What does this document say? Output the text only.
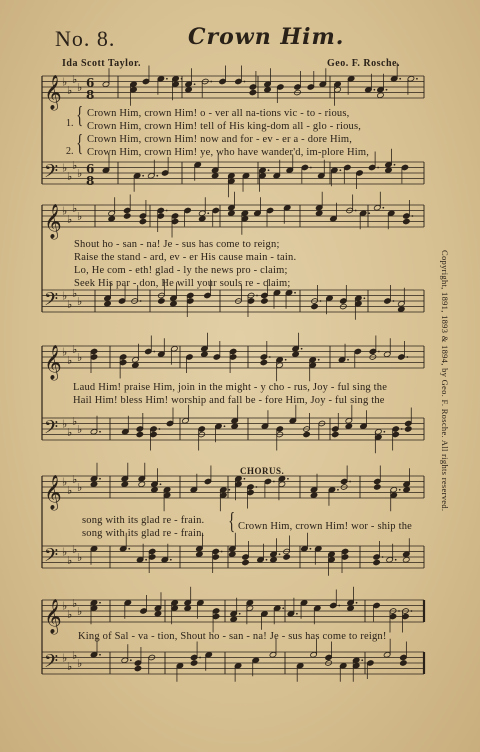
No. 8.	Crown Him.
Ida Scott Taylor.	Geo. F. Rosche.
𝄞 ♭
♭
♭
♭ 6
8
𝄢 ♭
♭
♭
♭ 6
8
𝄞 ♭
♭
♭
♭
𝄢 ♭
♭
♭
♭
𝄞 ♭
♭
♭
♭
𝄢 ♭
♭
♭
♭
𝄞 ♭
♭
♭
♭
𝄢 ♭
♭
♭
♭
𝄞 ♭
♭
♭
♭
𝄢 ♭
♭
♭
♭
1.
2.
{
{
Crown Him, crown Him! o - ver all na-tions vic - to - rious,
Crown Him, crown Him! tell of His king-dom all - glo - rious,
Crown Him, crown Him! now and for - ev - er a - dore Him,
Crown Him, crown Him! ye, who have wander'd, im-plore Him,
Shout ho - san - na! Je - sus has come to reign;
Raise the stand - ard, ev - er His cause main - tain.
Lo, He com - eth! glad - ly the news pro - claim;
Seek His par - don, He will your souls re - claim;
Laud Him! praise Him, join in the might - y cho - rus, Joy - ful sing the
Hail Him! bless Him! worship and fall be - fore Him, Joy - ful sing the
CHORUS.
song with its glad re - frain.
song with its glad re - frain. { Crown Him, crown Him! wor - ship the
King of Sal - va - tion, Shout ho - san - na! Je - sus has come to reign!
Copyright, 1891, 1893 & 1894, by Geo. F. Rosche. All rights reserved.
